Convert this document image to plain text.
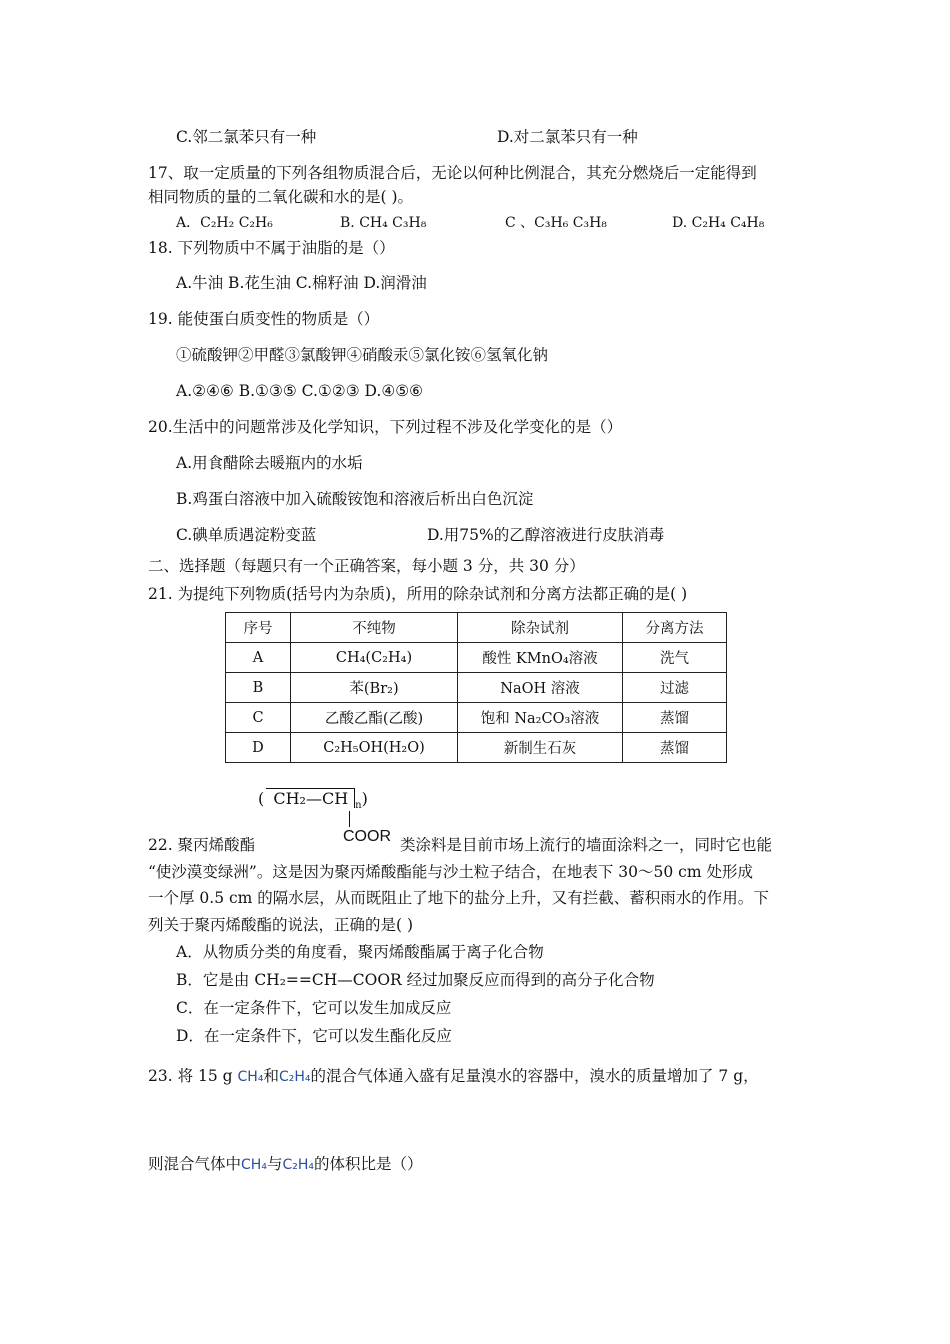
C.邻二氯苯只有一种	D.对二氯苯只有一种
17、取一定质量的下列各组物质混合后，无论以何种比例混合，其充分燃烧后一定能得到
相同物质的量的二氧化碳和水的是( )。
A．C₂H₂ C₂H₆	B. CH₄ C₃H₈	C 、C₃H₆ C₃H₈	D. C₂H₄ C₄H₈
18. 下列物质中不属于油脂的是（）
A.牛油 B.花生油 C.棉籽油 D.润滑油
19. 能使蛋白质变性的物质是（）
①硫酸钾②甲醛③氯酸钾④硝酸汞⑤氯化铵⑥氢氧化钠
A.②④⑥ B.①③⑤ C.①②③ D.④⑤⑥
20.生活中的问题常涉及化学知识，下列过程不涉及化学变化的是（）
A.用食醋除去暖瓶内的水垢
B.鸡蛋白溶液中加入硫酸铵饱和溶液后析出白色沉淀
C.碘单质遇淀粉变蓝	D.用75%的乙醇溶液进行皮肤消毒
二、选择题（每题只有一个正确答案，每小题 3 分，共 30 分）
21. 为提纯下列物质(括号内为杂质)，所用的除杂试剂和分离方法都正确的是( )
序号	不纯物	除杂试剂	分离方法
A	CH₄(C₂H₄)	酸性 KMnO₄溶液	洗气
B	苯(Br₂)	NaOH 溶液	过滤
C	乙酸乙酯(乙酸)	饱和 Na₂CO₃溶液	蒸馏
D	C₂H₅OH(H₂O)	新制生石灰	蒸馏
( CH₂—CH $_n$)
COOR
22. 聚丙烯酸酯	类涂料是目前市场上流行的墙面涂料之一，同时它也能
“使沙漠变绿洲”。这是因为聚丙烯酸酯能与沙土粒子结合，在地表下 30～50 cm 处形成
一个厚 0.5 cm 的隔水层，从而既阻止了地下的盐分上升，又有拦截、蓄积雨水的作用。下
列关于聚丙烯酸酯的说法，正确的是( )
A．从物质分类的角度看，聚丙烯酸酯属于离子化合物
B．它是由 CH₂==CH—COOR 经过加聚反应而得到的高分子化合物
C．在一定条件下，它可以发生加成反应
D．在一定条件下，它可以发生酯化反应
23. 将 15 g CH₄和C₂H₄的混合气体通入盛有足量溴水的容器中，溴水的质量增加了 7 g，
则混合气体中CH₄与C₂H₄的体积比是（）
